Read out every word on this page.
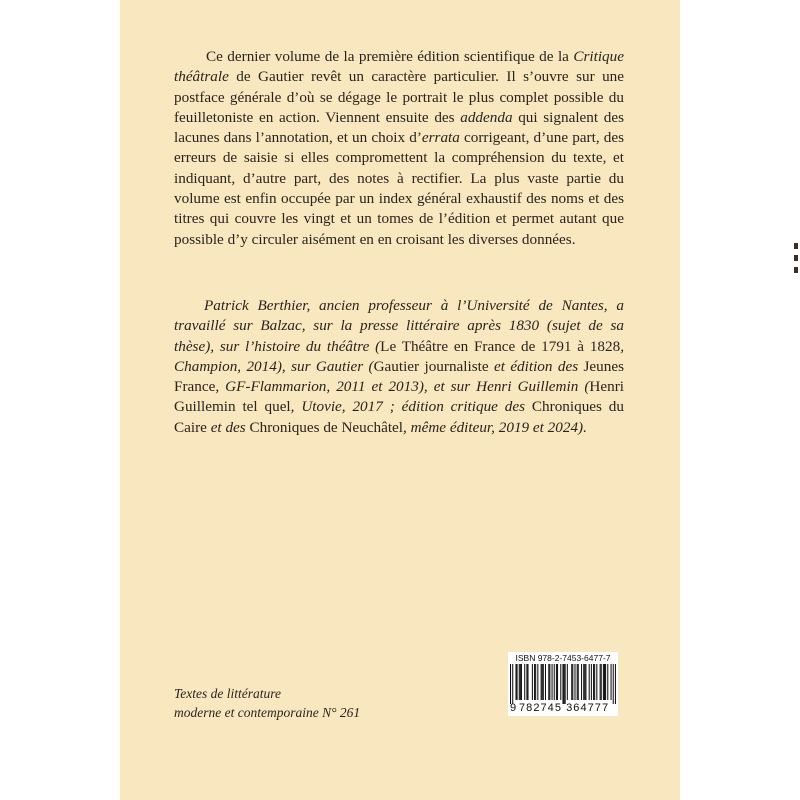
Ce dernier volume de la première édition scientifique de la Critique théâtrale de Gautier revêt un caractère particulier. Il s’ouvre sur une postface générale d’où se dégage le portrait le plus complet possible du feuilletoniste en action. Viennent ensuite des addenda qui signalent des lacunes dans l’annotation, et un choix d’errata corrigeant, d’une part, des erreurs de saisie si elles compromettent la compréhension du texte, et indiquant, d’autre part, des notes à rectifier. La plus vaste partie du volume est enfin occupée par un index général exhaustif des noms et des titres qui couvre les vingt et un tomes de l’édition et permet autant que possible d’y circuler aisément en en croisant les diverses données.

Patrick Berthier, ancien professeur à l’Université de Nantes, a travaillé sur Balzac, sur la presse littéraire après 1830 (sujet de sa thèse), sur l’histoire du théâtre (Le Théâtre en France de 1791 à 1828, Champion, 2014), sur Gautier (Gautier journaliste et édition des Jeunes France, GF-Flammarion, 2011 et 2013), et sur Henri Guillemin (Henri Guillemin tel quel, Utovie, 2017 ; édition critique des Chroniques du Caire et des Chroniques de Neuchâtel, même éditeur, 2019 et 2024).

Textes de littérature
moderne et contemporaine N° 261
ISBN 978-2-7453-6477-7
9 782745 364777
